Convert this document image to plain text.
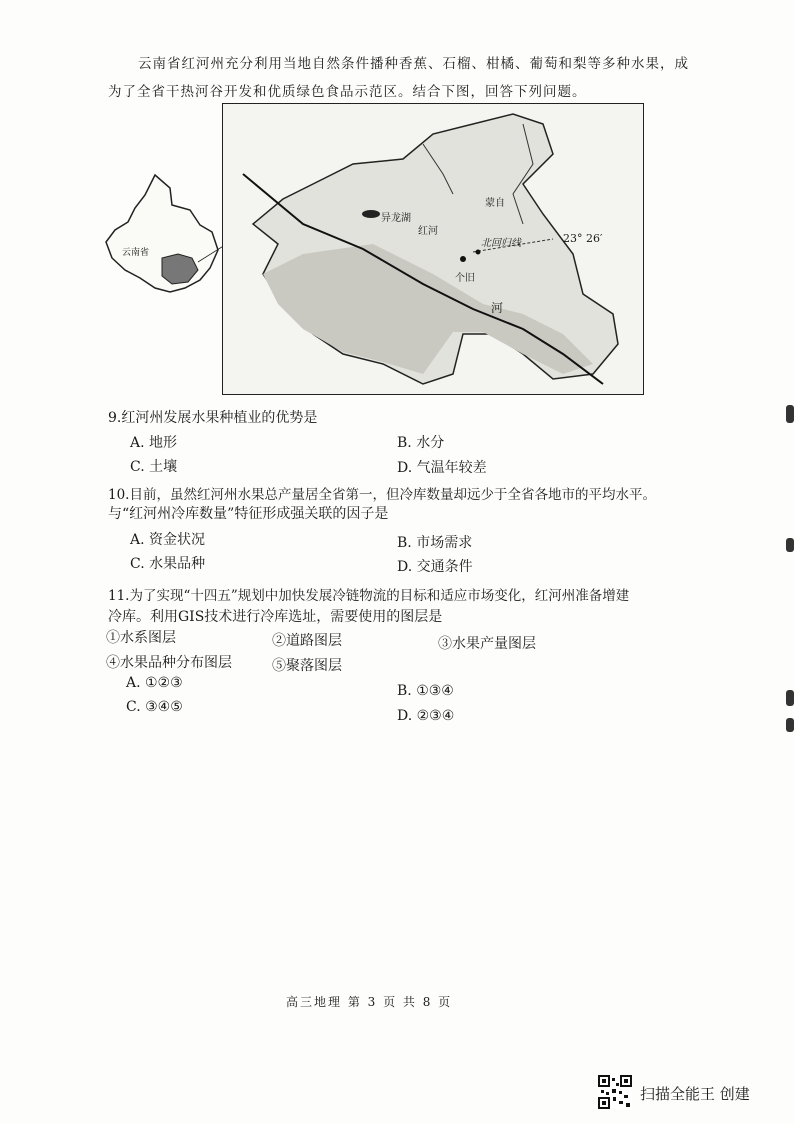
云南省红河州充分利用当地自然条件播种香蕉、石榴、柑橘、葡萄和梨等多种水果，成
为了全省干热河谷开发和优质绿色食品示范区。结合下图，回答下列问题。
云南省
异龙湖
北回归线	23° 26′
个旧
蒙自
红河
河
9.红河州发展水果种植业的优势是
A. 地形	B. 水分
C. 土壤	D. 气温年较差
10.目前，虽然红河州水果总产量居全省第一，但冷库数量却远少于全省各地市的平均水平。
与“红河州冷库数量”特征形成强关联的因子是
A. 资金状况	B. 市场需求
C. 水果品种	D. 交通条件
11.为了实现“十四五”规划中加快发展冷链物流的目标和适应市场变化，红河州准备增建
冷库。利用GIS技术进行冷库选址，需要使用的图层是
①水系图层	②道路图层	③水果产量图层
④水果品种分布图层	⑤聚落图层
A. ①②③	B. ①③④
C. ③④⑤
D. ②③④
高三地理 第 3 页 共 8 页
扫描全能王 创建
